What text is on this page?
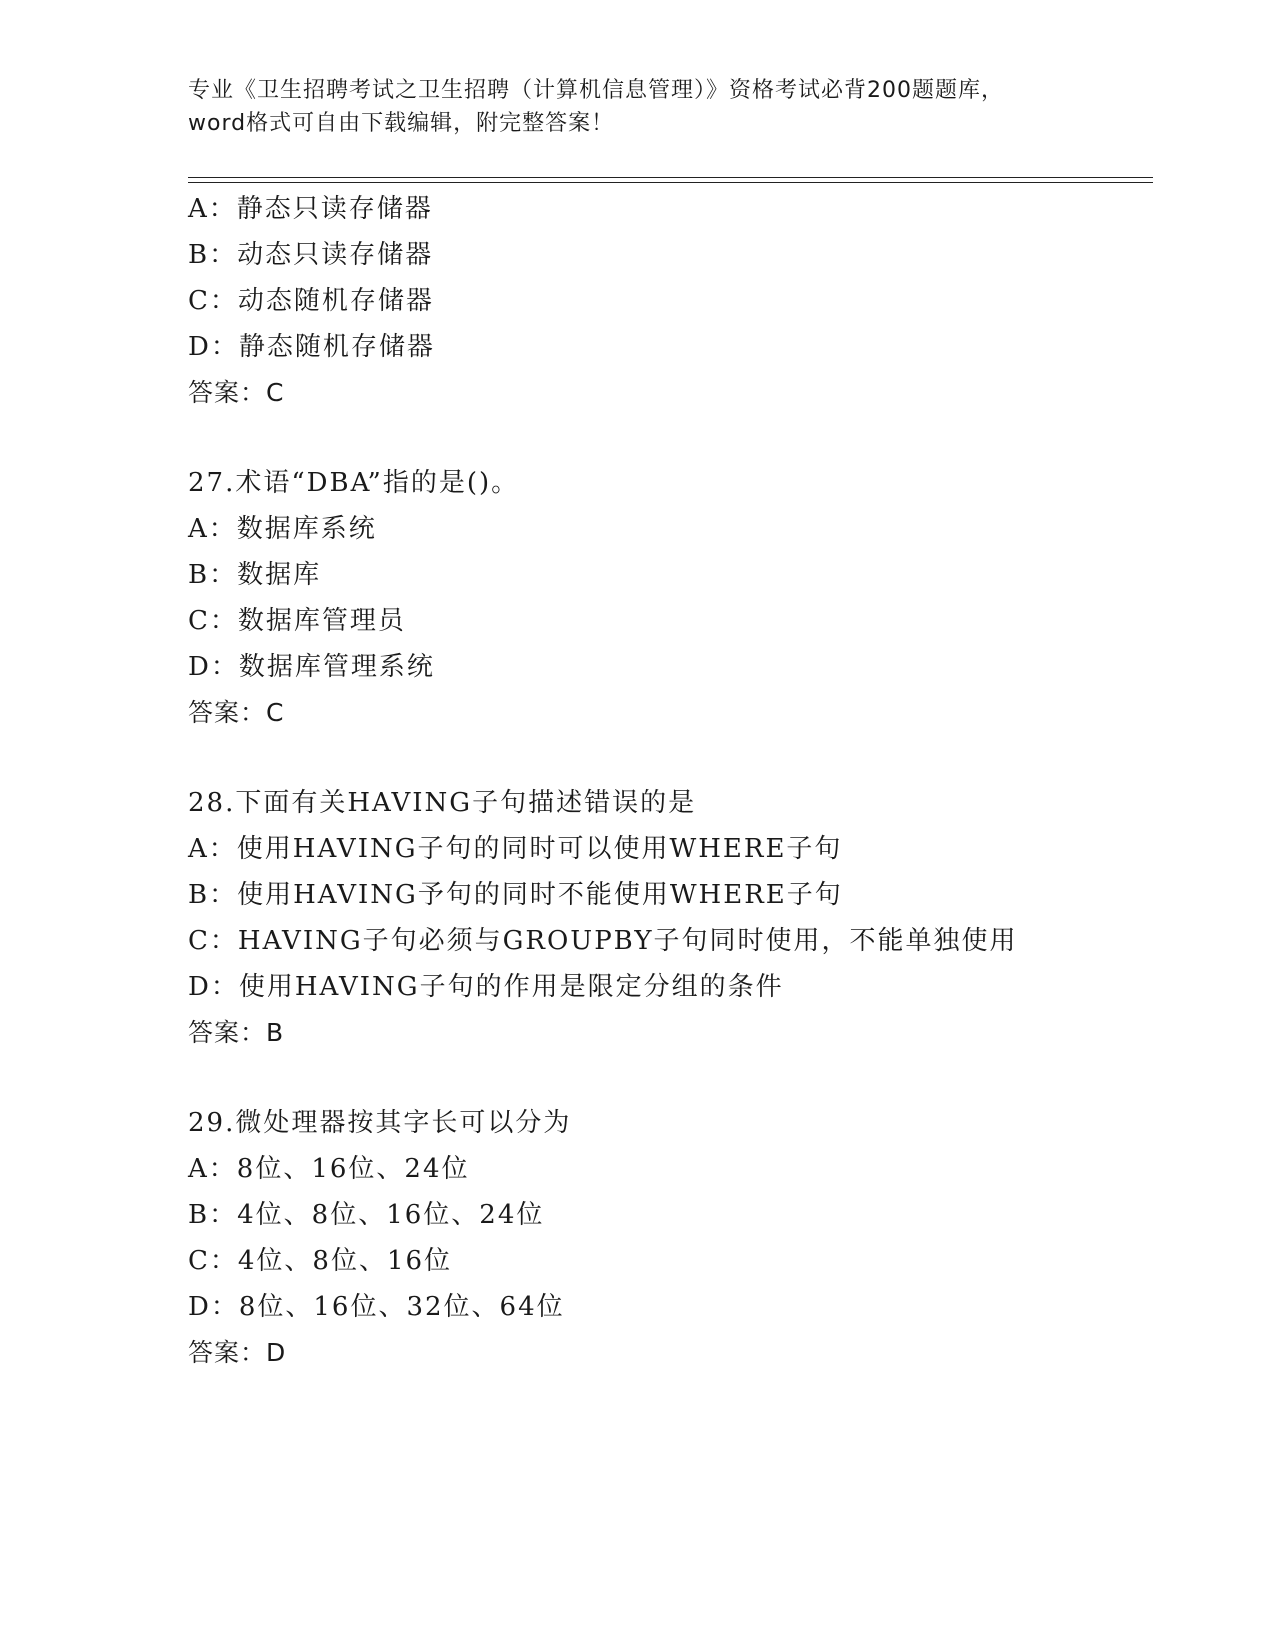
专业《卫生招聘考试之卫生招聘（计算机信息管理）》资格考试必背200题题库，
word格式可自由下载编辑，附完整答案！
A：静态只读存储器
B：动态只读存储器
C：动态随机存储器
D：静态随机存储器
答案：C
27.术语“DBA”指的是()。
A：数据库系统
B：数据库
C：数据库管理员
D：数据库管理系统
答案：C
28.下面有关HAVING子句描述错误的是
A：使用HAVING子句的同时可以使用WHERE子句
B：使用HAVING予句的同时不能使用WHERE子句
C：HAVING子句必须与GROUPBY子句同时使用，不能单独使用
D：使用HAVING子句的作用是限定分组的条件
答案：B
29.微处理器按其字长可以分为
A：8位、16位、24位
B：4位、8位、16位、24位
C：4位、8位、16位
D：8位、16位、32位、64位
答案：D
